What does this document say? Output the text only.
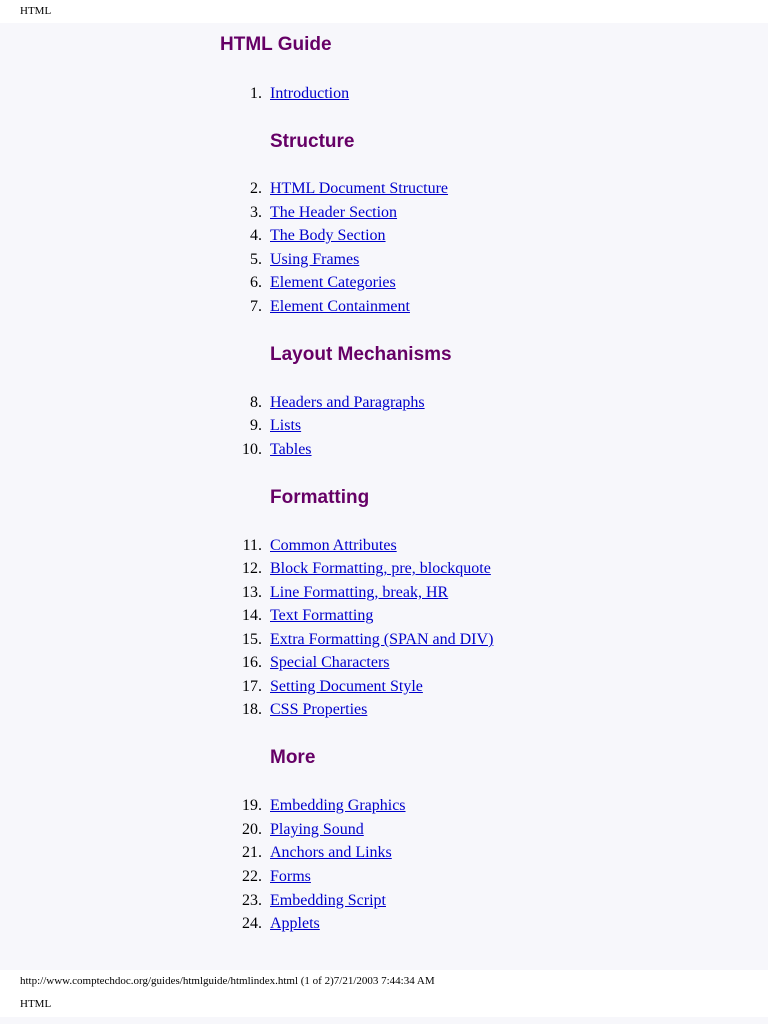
HTML
HTML Guide
1. Introduction
Structure
2. HTML Document Structure
3. The Header Section
4. The Body Section
5. Using Frames
6. Element Categories
7. Element Containment
Layout Mechanisms
8. Headers and Paragraphs
9. Lists
10. Tables
Formatting
11. Common Attributes
12. Block Formatting, pre, blockquote
13. Line Formatting, break, HR
14. Text Formatting
15. Extra Formatting (SPAN and DIV)
16. Special Characters
17. Setting Document Style
18. CSS Properties
More
19. Embedding Graphics
20. Playing Sound
21. Anchors and Links
22. Forms
23. Embedding Script
24. Applets
http://www.comptechdoc.org/guides/htmlguide/htmlindex.html (1 of 2)7/21/2003 7:44:34 AM
HTML
